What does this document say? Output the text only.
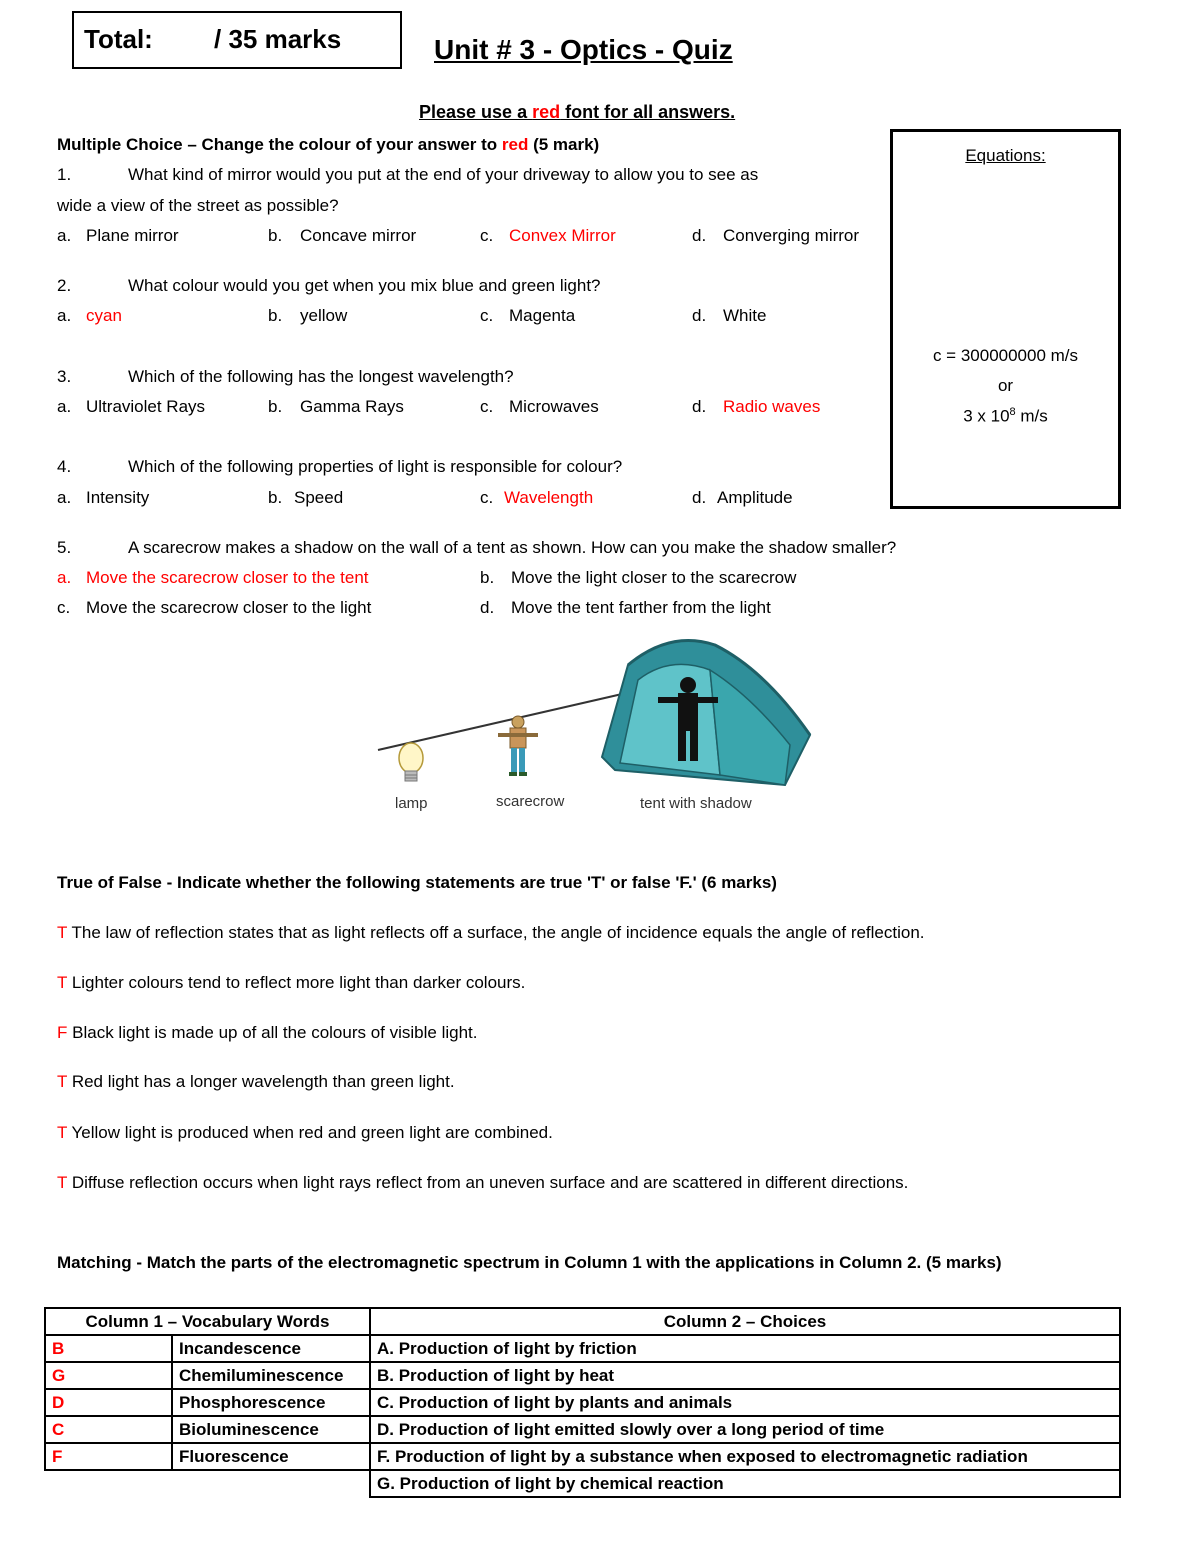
Total: / 35 marks	Unit # 3 - Optics - Quiz
Please use a red font for all answers.
Equations:
c = 300000000 m/s
or
3 x $10^8$ m/s
Multiple Choice – Change the colour of your answer to red (5 mark)
1.	What kind of mirror would you put at the end of your driveway to allow you to see as
wide a view of the street as possible?
a. Plane mirror	b. Concave mirror	c. Convex Mirror	d. Converging mirror
2.	What colour would you get when you mix blue and green light?
a. cyan	b. yellow	c. Magenta	d. White
3.	Which of the following has the longest wavelength?
a. Ultraviolet Rays	b. Gamma Rays	c. Microwaves	d. Radio waves
4.	Which of the following properties of light is responsible for colour?
a. Intensity	b. Speed	c. Wavelength	d. Amplitude
5.	A scarecrow makes a shadow on the wall of a tent as shown. How can you make the shadow smaller?
a. Move the scarecrow closer to the tent	b. Move the light closer to the scarecrow
c. Move the scarecrow closer to the light	d. Move the tent farther from the light
lamp	scarecrow	tent with shadow
True of False - Indicate whether the following statements are true 'T' or false 'F.' (6 marks)
T The law of reflection states that as light reflects off a surface, the angle of incidence equals the angle of reflection.
T Lighter colours tend to reflect more light than darker colours.
F Black light is made up of all the colours of visible light.
T Red light has a longer wavelength than green light.
T Yellow light is produced when red and green light are combined.
T Diffuse reflection occurs when light rays reflect from an uneven surface and are scattered in different directions.
Matching - Match the parts of the electromagnetic spectrum in Column 1 with the applications in Column 2. (5 marks)
Column 1 – Vocabulary Words		Column 2 – Choices
B	Incandescence	A. Production of light by friction
G	Chemiluminescence	B. Production of light by heat
D	Phosphorescence	C. Production of light by plants and animals
C	Bioluminescence	D. Production of light emitted slowly over a long period of time
F	Fluorescence	F. Production of light by a substance when exposed to electromagnetic radiation
		G. Production of light by chemical reaction
